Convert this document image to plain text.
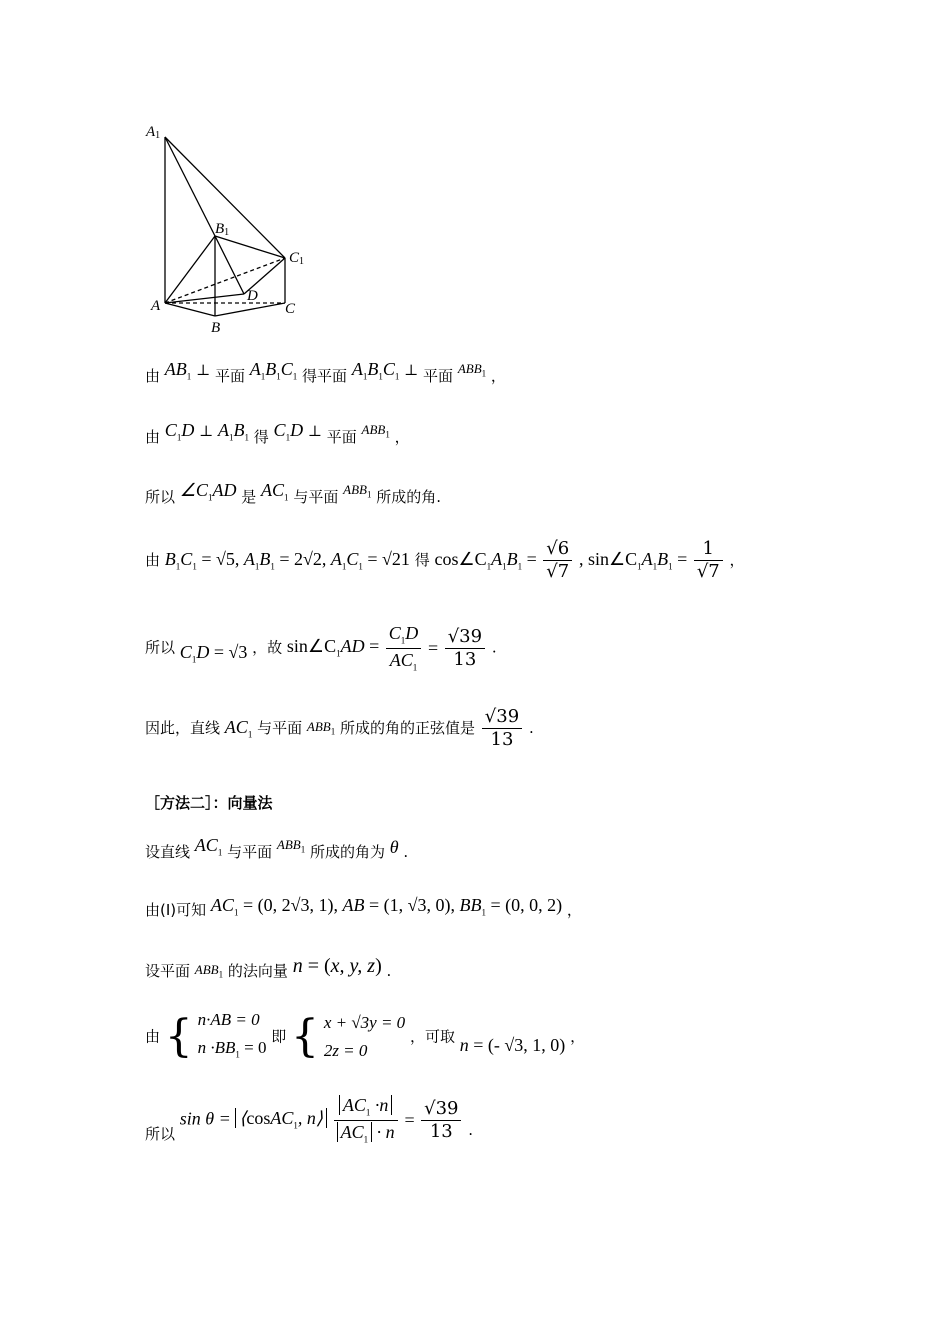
A1
B1
C1
A
B
C
D
由 $AB_1$ ⊥ 平面 $A_1B_1C_1$ 得平面 $A_1B_1C_1$ ⊥ 平面 $ABB_1$ ，
由 $C_1D$ ⊥ $A_1B_1$ 得 $C_1D$ ⊥ 平面 $ABB_1$ ，
所以 $\angle C_1AD$ 是 $AC_1$ 与平面 $ABB_1$ 所成的角.
由 $B_1C_1 = √5$, $A_1B_1 = 2√2$, $A_1C_1 = √21$ 得 $\cos\angle C_1A_1B_1 = \frac{√6}{√7}$ , $\sin\angle C_1A_1B_1 = \frac{1}{√7}$ ，
所以 $C_1D = √3$ ，故 $\sin\angle C_1AD = \frac{C_1D}{AC_1} = \frac{√39}{13}$ .
因此，直线 $AC_1$ 与平面 $ABB_1$ 所成的角的正弦值是 $\frac{√39}{13}$ .
［方法二］：向量法
设直线 $AC_1$ 与平面 $ABB_1$ 所成的角为 θ .
由(I)可知 $AC_1 = (0$, 2√3, 1), AB = (1, √3, 0), $BB_1 = (0$, 0, 2) ，
设平面 $ABB_1$ 的法向量 n = (x, y, z) .
由 { n·AB = 0
$n \cdot BB_1 = 0$
即 { x + √3y = 0
2z = 0
，可取 n = (- √3, 1, 0) ，
所以 sin θ = ⟨cosAC$_1$, n⟩ $\frac{AC_1 \cdot n}{AC_1 \cdot n} = \frac{√39}{13}$ .
